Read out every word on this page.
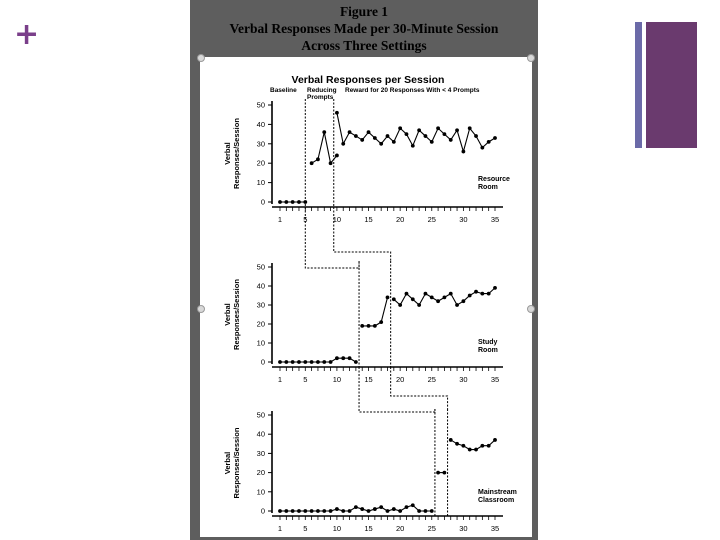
+
Figure 1
Verbal Responses Made per 30-Minute Session
Across Three Settings
Verbal Responses per Session
Baseline Reducing
Prompts
Reward for 20 Responses With < 4 Prompts
0
10
20
30
40
50
1	5	10	15	20	25	30	35
Verbal Responses/Session	Resource
Room
0
10
20
30
40
50
1	5	10	15	20	25	30	35
Verbal Responses/Session	Study
Room
0
10
20
30
40
50
1	5	10	15	20	25	30	35
Verbal Responses/Session	Mainstream
Classroom
